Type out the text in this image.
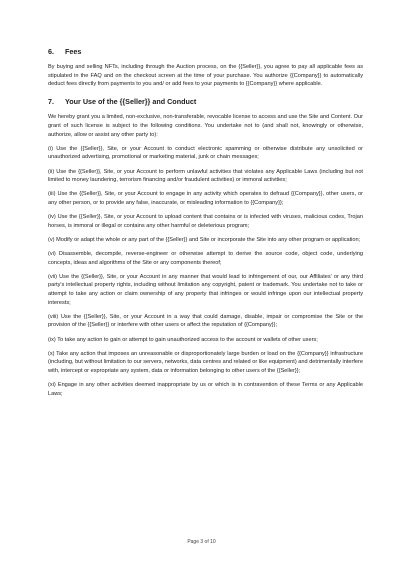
6.	Fees

By buying and selling NFTs, including through the Auction process, on the {{Seller}}, you agree to pay all applicable fees as stipulated in the FAQ and on the checkout screen at the time of your purchase. You authorize {{Company}} to automatically deduct fees directly from payments to you and/ or add fees to your payments to {{Company}} where applicable.

7.	Your Use of the {{Seller}} and Conduct

We hereby grant you a limited, non-exclusive, non-transferable, revocable license to access and use the Site and Content. Our grant of such license is subject to the following conditions. You undertake not to (and shall not, knowingly or otherwise, authorize, allow or assist any other party to):

(i) Use the {{Seller}}, Site, or your Account to conduct electronic spamming or otherwise distribute any unsolicited or unauthorized advertising, promotional or marketing material, junk or chain messages;

(ii) Use the {{Seller}}, Site, or your Account to perform unlawful activities that violates any Applicable Laws (including but not limited to money laundering, terrorism financing and/or fraudulent activities) or immoral activities;

(iii) Use the {{Seller}}, Site, or your Account to engage in any activity which operates to defraud {{Company}}, other users, or any other person, or to provide any false, inaccurate, or misleading information to {{Company}};

(iv) Use the {{Seller}}, Site, or your Account to upload content that contains or is infected with viruses, malicious codes, Trojan horses, is immoral or illegal or contains any other harmful or deleterious program;

(v) Modify or adapt the whole or any part of the {{Seller}} and Site or incorporate the Site into any other program or application;

(vi) Disassemble, decompile, reverse-engineer or otherwise attempt to derive the source code, object code, underlying concepts, ideas and algorithms of the Site or any components thereof;

(vii) Use the {{Seller}}, Site, or your Account in any manner that would lead to infringement of our, our Affiliates' or any third party's intellectual property rights, including without limitation any copyright, patent or trademark. You undertake not to take or attempt to take any action or claim ownership of any property that infringes or would infringe upon our intellectual property interests;

(viii) Use the {{Seller}}, Site, or your Account in a way that could damage, disable, impair or compromise the Site or the provision of the {{Seller}} or interfere with other users or affect the reputation of {{Company}};

(ix) To take any action to gain or attempt to gain unauthorized access to the account or wallets of other users;

(x) Take any action that imposes an unreasonable or disproportionately large burden or load on the {{Company}} infrastructure (including, but without limitation to our servers, networks, data centres and related or like equipment) and detrimentally interfere with, intercept or expropriate any system, data or information belonging to other users of the {{Seller}};

(xi) Engage in any other activities deemed inappropriate by us or which is in contravention of these Terms or any Applicable Laws;

Page 3 of 10
